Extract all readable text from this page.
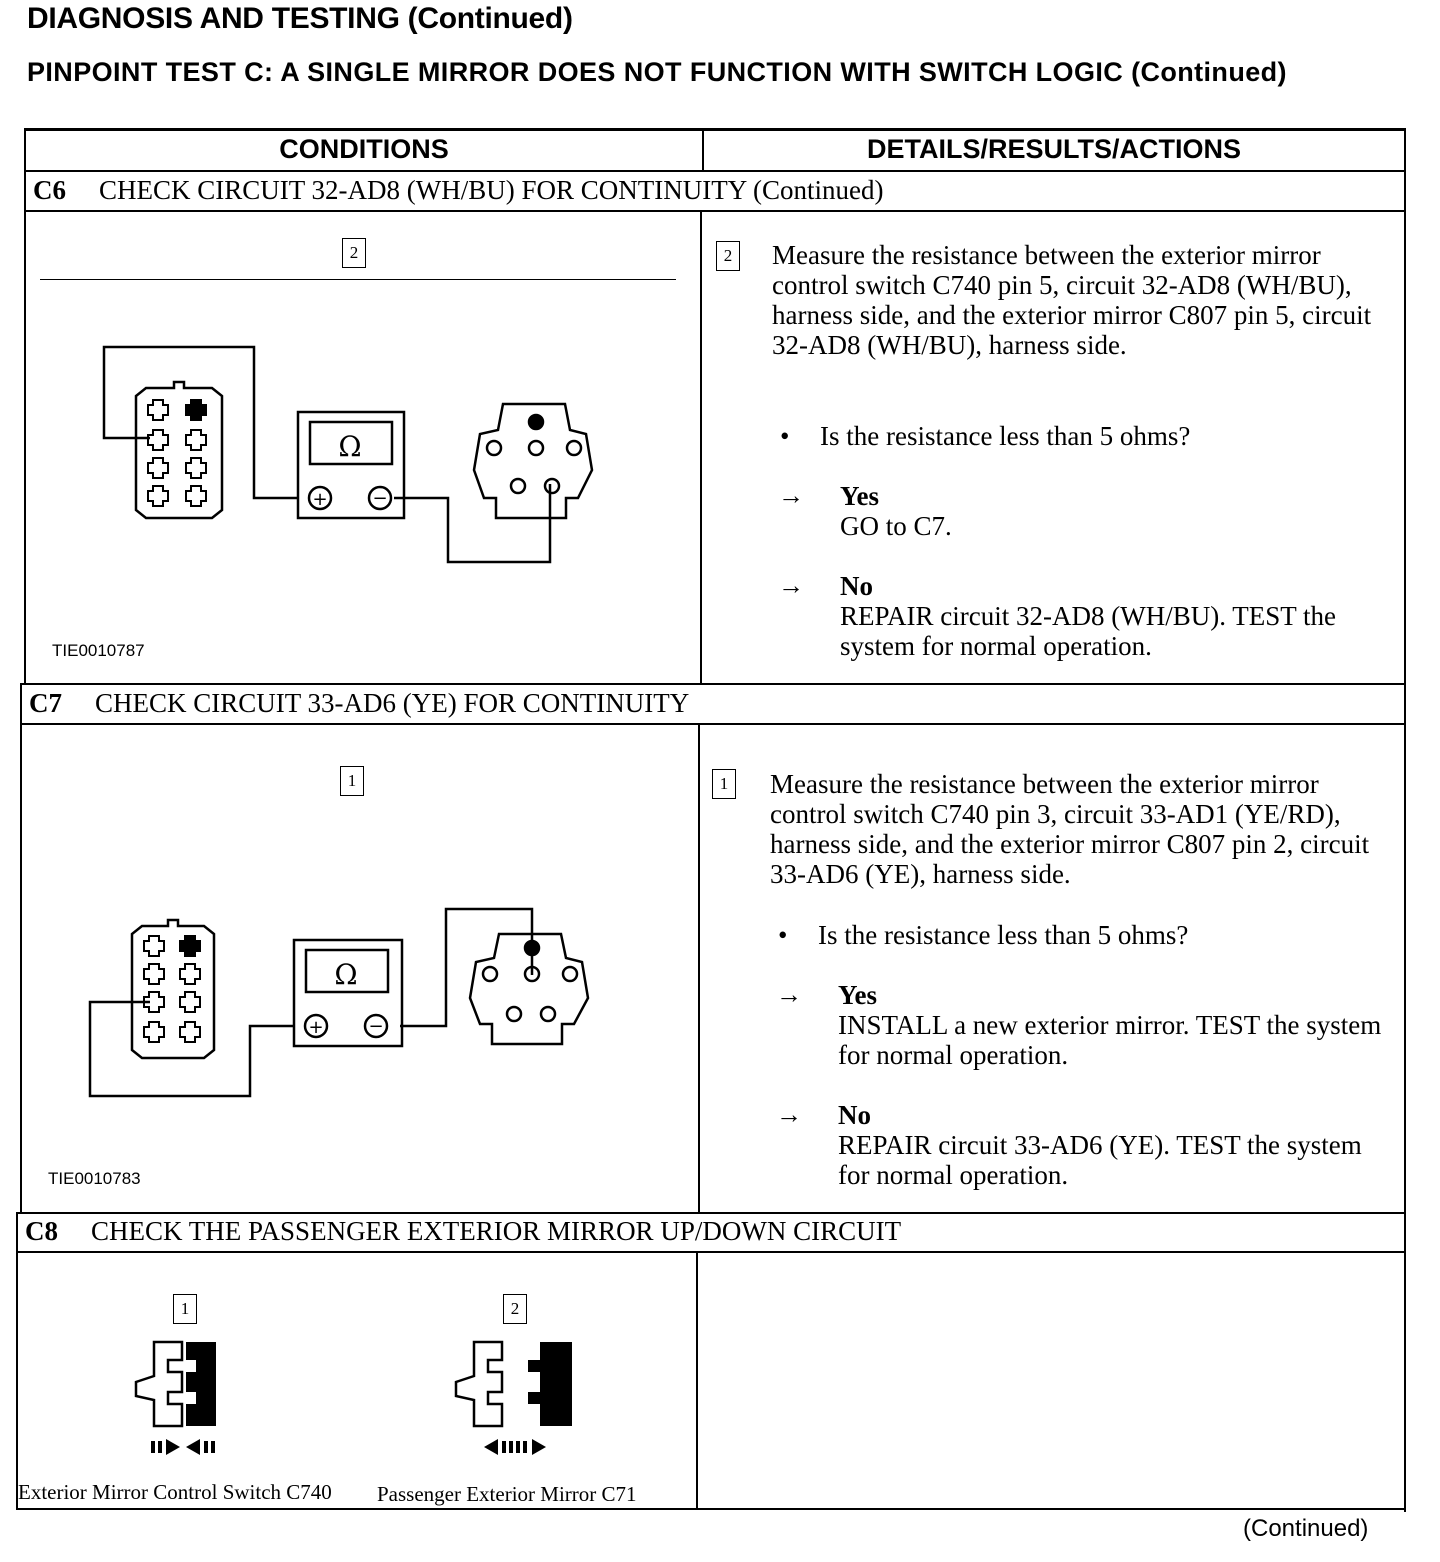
DIAGNOSIS AND TESTING (Continued)
PINPOINT TEST C: A SINGLE MIRROR DOES NOT FUNCTION WITH SWITCH LOGIC (Continued)
CONDITIONS	DETAILS/RESULTS/ACTIONS
C6 CHECK CIRCUIT 32-AD8 (WH/BU) FOR CONTINUITY (Continued)
2
Ω
+ −
TIE0010787
2 Measure the resistance between the exterior mirror control switch C740 pin 5, circuit 32-AD8 (WH/BU), harness side, and the exterior mirror C807 pin 5, circuit 32-AD8 (WH/BU), harness side.
• Is the resistance less than 5 ohms?
→ Yes
GO to C7.
→ No
REPAIR circuit 32-AD8 (WH/BU). TEST the system for normal operation.
C7 CHECK CIRCUIT 33-AD6 (YE) FOR CONTINUITY
1
Ω
+ −
TIE0010783
1 Measure the resistance between the exterior mirror control switch C740 pin 3, circuit 33-AD1 (YE/RD), harness side, and the exterior mirror C807 pin 2, circuit 33-AD6 (YE), harness side.
• Is the resistance less than 5 ohms?
→ Yes
INSTALL a new exterior mirror. TEST the system for normal operation.
→ No
REPAIR circuit 33-AD6 (YE). TEST the system for normal operation.
C8 CHECK THE PASSENGER EXTERIOR MIRROR UP/DOWN CIRCUIT
1	2
Exterior Mirror Control Switch C740 Passenger Exterior Mirror C71
(Continued)
